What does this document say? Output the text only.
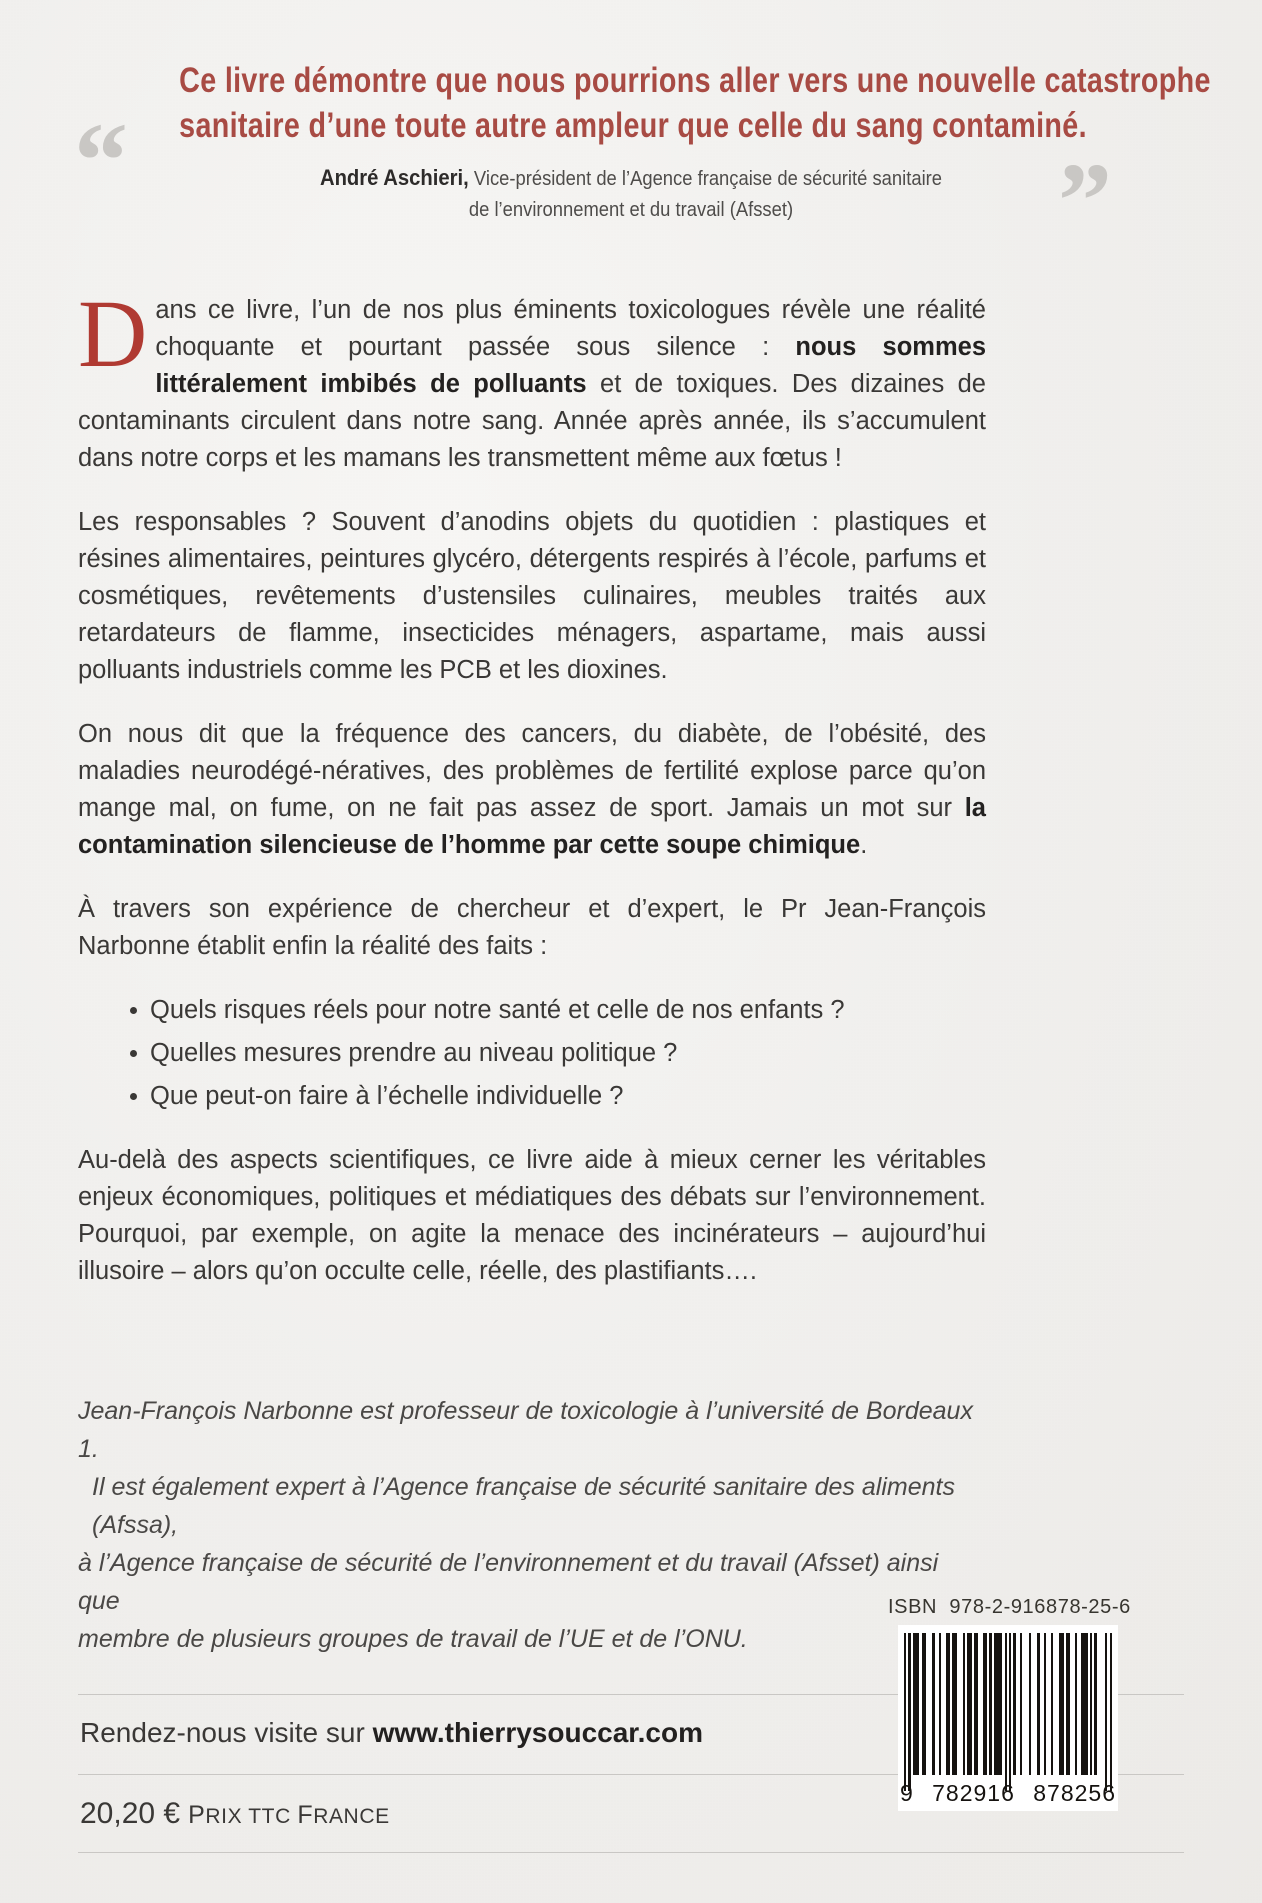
“	”
Ce livre démontre que nous pourrions aller vers une nouvelle catastrophe
sanitaire d’une toute autre ampleur que celle du sang contaminé.
André Aschieri, Vice-président de l’Agence française de sécurité sanitaire
de l’environnement et du travail (Afsset)

Dans ce livre, l’un de nos plus éminents toxicologues révèle une réalité choquante et pourtant passée sous silence : nous sommes littéralement imbibés de polluants et de toxiques. Des dizaines de contaminants circulent dans notre sang. Année après année, ils s’accumulent dans notre corps et les mamans les transmettent même aux fœtus !

Les responsables ? Souvent d’anodins objets du quotidien : plastiques et résines alimentaires, peintures glycéro, détergents respirés à l’école, parfums et cosmétiques, revêtements d’ustensiles culinaires, meubles traités aux retardateurs de flamme, insecticides ménagers, aspartame, mais aussi polluants industriels comme les PCB et les dioxines.

On nous dit que la fréquence des cancers, du diabète, de l’obésité, des maladies neurodégé-nératives, des problèmes de fertilité explose parce qu’on mange mal, on fume, on ne fait pas assez de sport. Jamais un mot sur la contamination silencieuse de l’homme par cette soupe chimique.

À travers son expérience de chercheur et d’expert, le Pr Jean-François Narbonne établit enfin la réalité des faits :

Quels risques réels pour notre santé et celle de nos enfants ?
Quelles mesures prendre au niveau politique ?
Que peut-on faire à l’échelle individuelle ?

Au-delà des aspects scientifiques, ce livre aide à mieux cerner les véritables enjeux économiques, politiques et médiatiques des débats sur l’environnement. Pourquoi, par exemple, on agite la menace des incinérateurs – aujourd’hui illusoire – alors qu’on occulte celle, réelle, des plastifiants….

Jean-François Narbonne est professeur de toxicologie à l’université de Bordeaux 1.
Il est également expert à l’Agence française de sécurité sanitaire des aliments (Afssa),
à l’Agence française de sécurité de l’environnement et du travail (Afsset) ainsi que
membre de plusieurs groupes de travail de l’UE et de l’ONU.
Rendez-nous visite sur www.thierrysouccar.com
20,20 € PRIX TTC FRANCE
ISBN 978-2-916878-25-6
9 782916 878256
